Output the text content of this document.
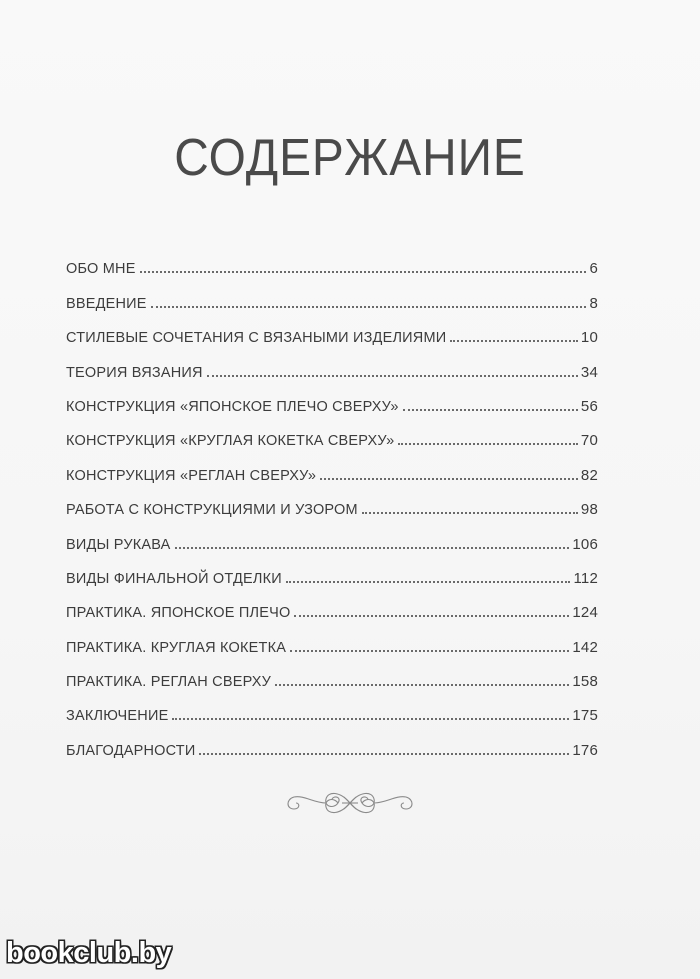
СОДЕРЖАНИЕ
ОБО МНЕ	6
ВВЕДЕНИЕ	8
СТИЛЕВЫЕ СОЧЕТАНИЯ С ВЯЗАНЫМИ ИЗДЕЛИЯМИ	10
ТЕОРИЯ ВЯЗАНИЯ	34
КОНСТРУКЦИЯ «ЯПОНСКОЕ ПЛЕЧО СВЕРХУ»	56
КОНСТРУКЦИЯ «КРУГЛАЯ КОКЕТКА СВЕРХУ»	70
КОНСТРУКЦИЯ «РЕГЛАН СВЕРХУ»	82
РАБОТА С КОНСТРУКЦИЯМИ И УЗОРОМ	98
ВИДЫ РУКАВА	106
ВИДЫ ФИНАЛЬНОЙ ОТДЕЛКИ	112
ПРАКТИКА. ЯПОНСКОЕ ПЛЕЧО	124
ПРАКТИКА. КРУГЛАЯ КОКЕТКА	142
ПРАКТИКА. РЕГЛАН СВЕРХУ	158
ЗАКЛЮЧЕНИЕ	175
БЛАГОДАРНОСТИ	176
bookclub.by
